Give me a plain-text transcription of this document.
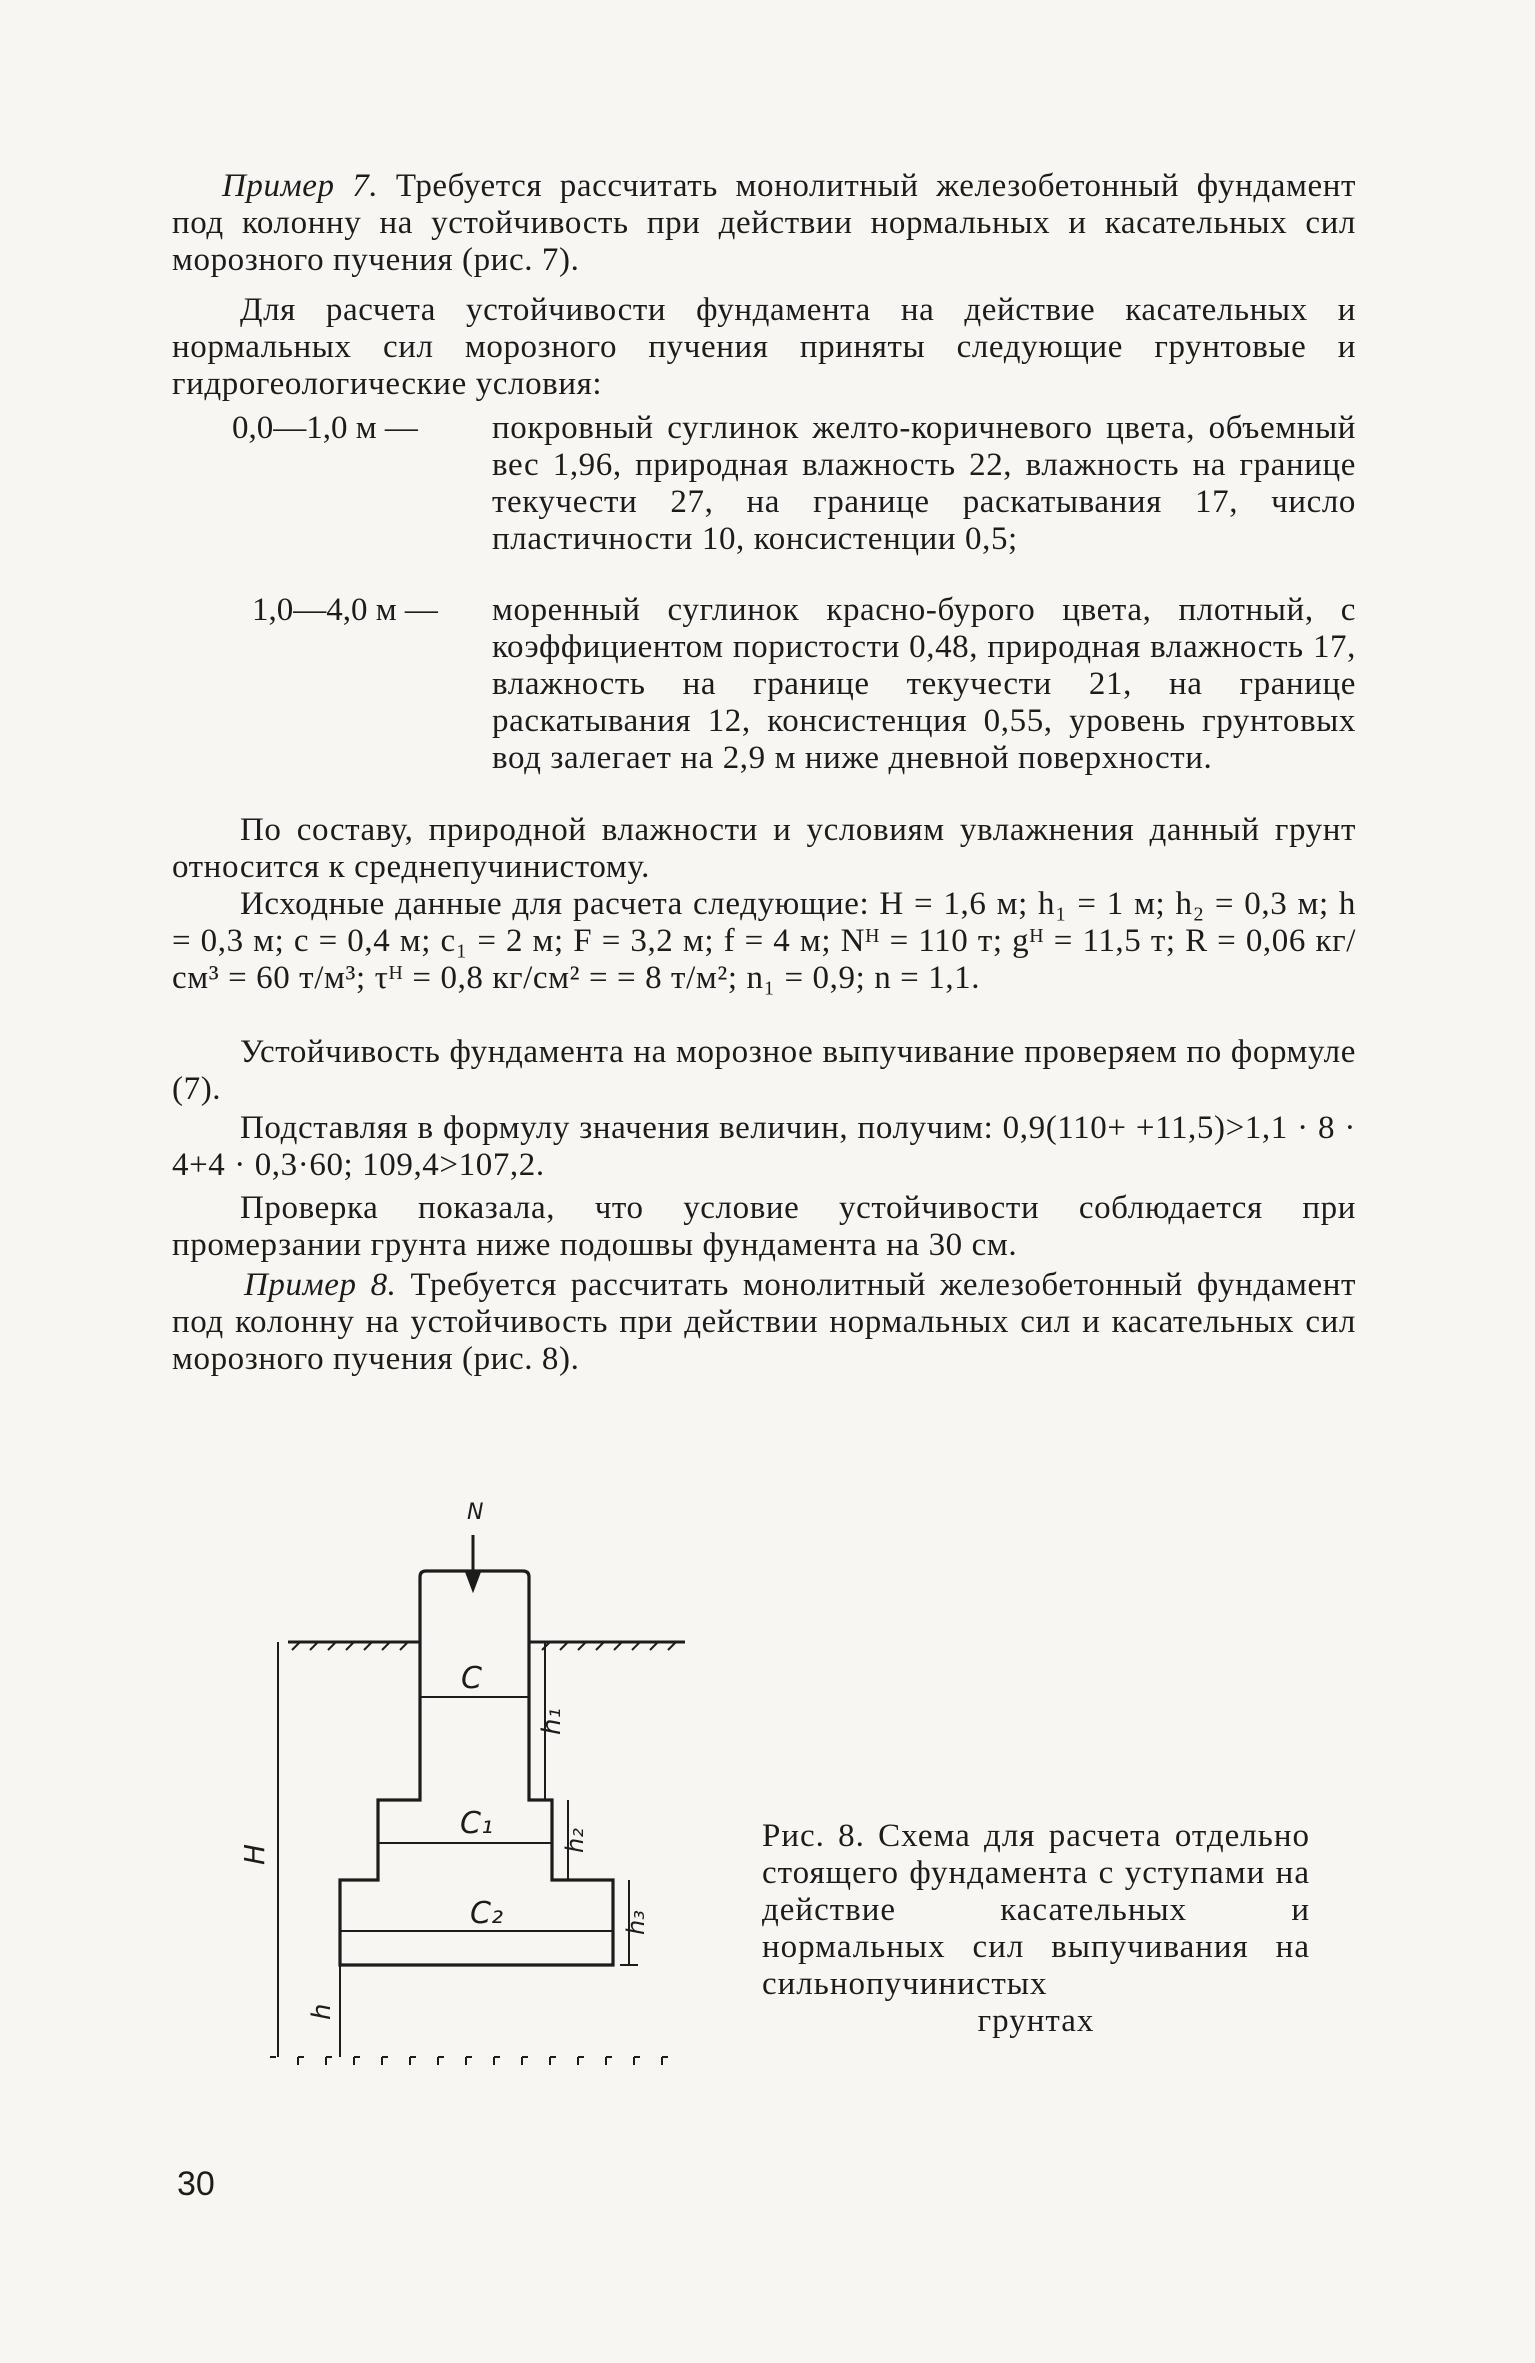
Пример 7. Требуется рассчитать монолитный железобетонный фундамент под колонну на устойчивость при действии нормальных и касательных сил морозного пучения (рис. 7).
Для расчета устойчивости фундамента на действие касательных и нормальных сил морозного пучения приняты следующие грунтовые и гидрогеологические условия:
0,0—1,0 м —	покровный суглинок желто-коричневого цвета, объемный вес 1,96, природная влажность 22, влажность на границе текучести 27, на границе раскатывания 17, число пластичности 10, консистенции 0,5;
1,0—4,0 м —	моренный суглинок красно-бурого цвета, плотный, с коэффициентом пористости 0,48, природная влажность 17, влажность на границе текучести 21, на границе раскатывания 12, консистенция 0,55, уровень грунтовых вод залегает на 2,9 м ниже дневной поверхности.
По составу, природной влажности и условиям увлажнения данный грунт относится к среднепучинистому.
Исходные данные для расчета следующие: H = 1,6 м; h₁ = 1 м; h₂ = 0,3 м; h = 0,3 м; c = 0,4 м; c₁ = 2 м; F = 3,2 м; f = 4 м; Nᴴ = 110 т; gᴴ = 11,5 т; R = 0,06 кг/см³ = 60 т/м³; τᴴ = 0,8 кг/см² = = 8 т/м²; n₁ = 0,9; n = 1,1.
Устойчивость фундамента на морозное выпучивание проверяем по формуле (7).
Подставляя в формулу значения величин, получим: 0,9(110+ +11,5)>1,1 · 8 · 4+4 · 0,3·60; 109,4>107,2.
Проверка показала, что условие устойчивости соблюдается при промерзании грунта ниже подошвы фундамента на 30 см.
Пример 8. Требуется рассчитать монолитный железобетонный фундамент под колонну на устойчивость при действии нормальных сил и касательных сил морозного пучения (рис. 8).
N
C
C₁
C₂
H
h
h₁
h₂
h₃
Рис. 8. Схема для расчета отдельно стоящего фундамента с уступами на действие касательных и нормальных сил выпучивания на сильнопучинистых
грунтах
30
